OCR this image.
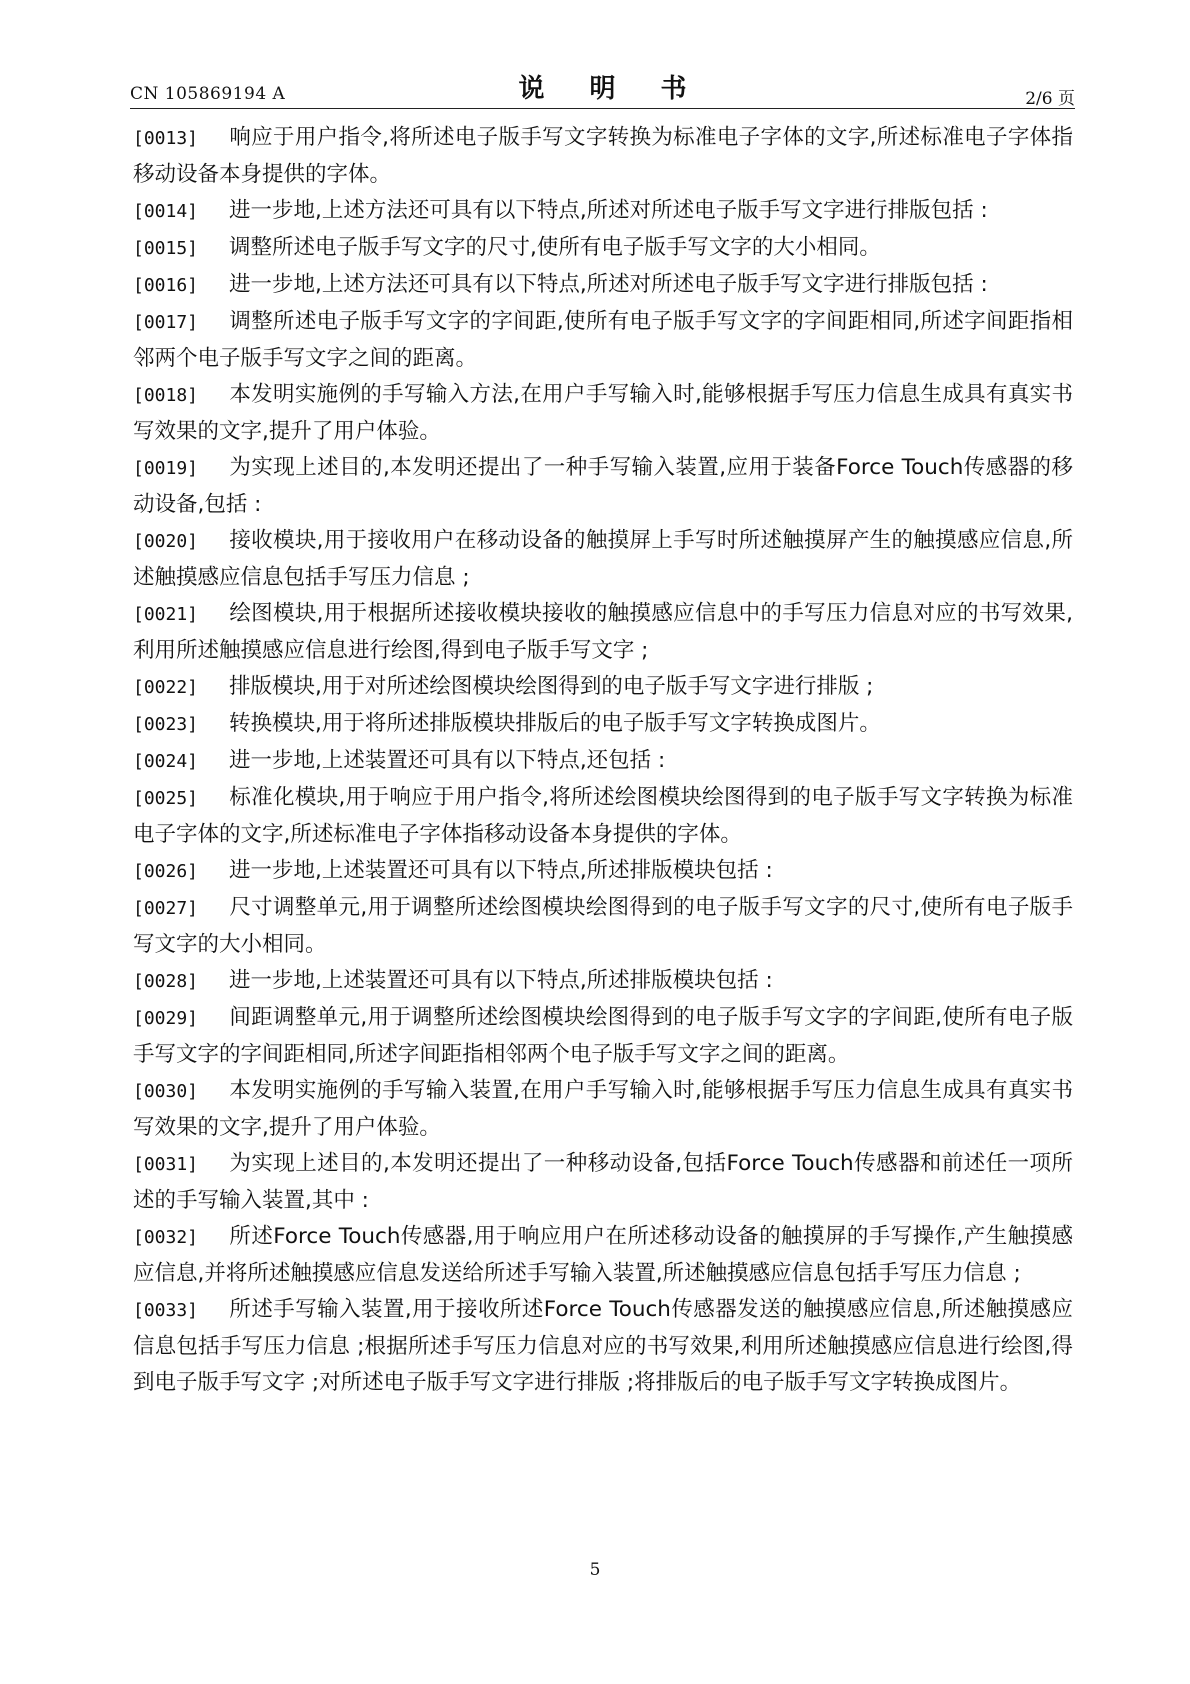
CN 105869194 A	说 明 书	2/6 页

[0013] 响应于用户指令,将所述电子版手写文字转换为标准电子字体的文字,所述标准电子字体指移动设备本身提供的字体。

[0014] 进一步地,上述方法还可具有以下特点,所述对所述电子版手写文字进行排版包括 :

[0015] 调整所述电子版手写文字的尺寸,使所有电子版手写文字的大小相同。

[0016] 进一步地,上述方法还可具有以下特点,所述对所述电子版手写文字进行排版包括 :

[0017] 调整所述电子版手写文字的字间距,使所有电子版手写文字的字间距相同,所述字间距指相邻两个电子版手写文字之间的距离。

[0018] 本发明实施例的手写输入方法,在用户手写输入时,能够根据手写压力信息生成具有真实书写效果的文字,提升了用户体验。

[0019] 为实现上述目的,本发明还提出了一种手写输入装置,应用于装备Force Touch传感器的移动设备,包括 :

[0020] 接收模块,用于接收用户在移动设备的触摸屏上手写时所述触摸屏产生的触摸感应信息,所述触摸感应信息包括手写压力信息 ;

[0021] 绘图模块,用于根据所述接收模块接收的触摸感应信息中的手写压力信息对应的书写效果,利用所述触摸感应信息进行绘图,得到电子版手写文字 ;

[0022] 排版模块,用于对所述绘图模块绘图得到的电子版手写文字进行排版 ;

[0023] 转换模块,用于将所述排版模块排版后的电子版手写文字转换成图片。

[0024] 进一步地,上述装置还可具有以下特点,还包括 :

[0025] 标准化模块,用于响应于用户指令,将所述绘图模块绘图得到的电子版手写文字转换为标准电子字体的文字,所述标准电子字体指移动设备本身提供的字体。

[0026] 进一步地,上述装置还可具有以下特点,所述排版模块包括 :

[0027] 尺寸调整单元,用于调整所述绘图模块绘图得到的电子版手写文字的尺寸,使所有电子版手写文字的大小相同。

[0028] 进一步地,上述装置还可具有以下特点,所述排版模块包括 :

[0029] 间距调整单元,用于调整所述绘图模块绘图得到的电子版手写文字的字间距,使所有电子版手写文字的字间距相同,所述字间距指相邻两个电子版手写文字之间的距离。

[0030] 本发明实施例的手写输入装置,在用户手写输入时,能够根据手写压力信息生成具有真实书写效果的文字,提升了用户体验。

[0031] 为实现上述目的,本发明还提出了一种移动设备,包括Force Touch传感器和前述任一项所述的手写输入装置,其中 :

[0032] 所述Force Touch传感器,用于响应用户在所述移动设备的触摸屏的手写操作,产生触摸感应信息,并将所述触摸感应信息发送给所述手写输入装置,所述触摸感应信息包括手写压力信息 ;

[0033] 所述手写输入装置,用于接收所述Force Touch传感器发送的触摸感应信息,所述触摸感应信息包括手写压力信息 ;根据所述手写压力信息对应的书写效果,利用所述触摸感应信息进行绘图,得到电子版手写文字 ;对所述电子版手写文字进行排版 ;将排版后的电子版手写文字转换成图片。

5
